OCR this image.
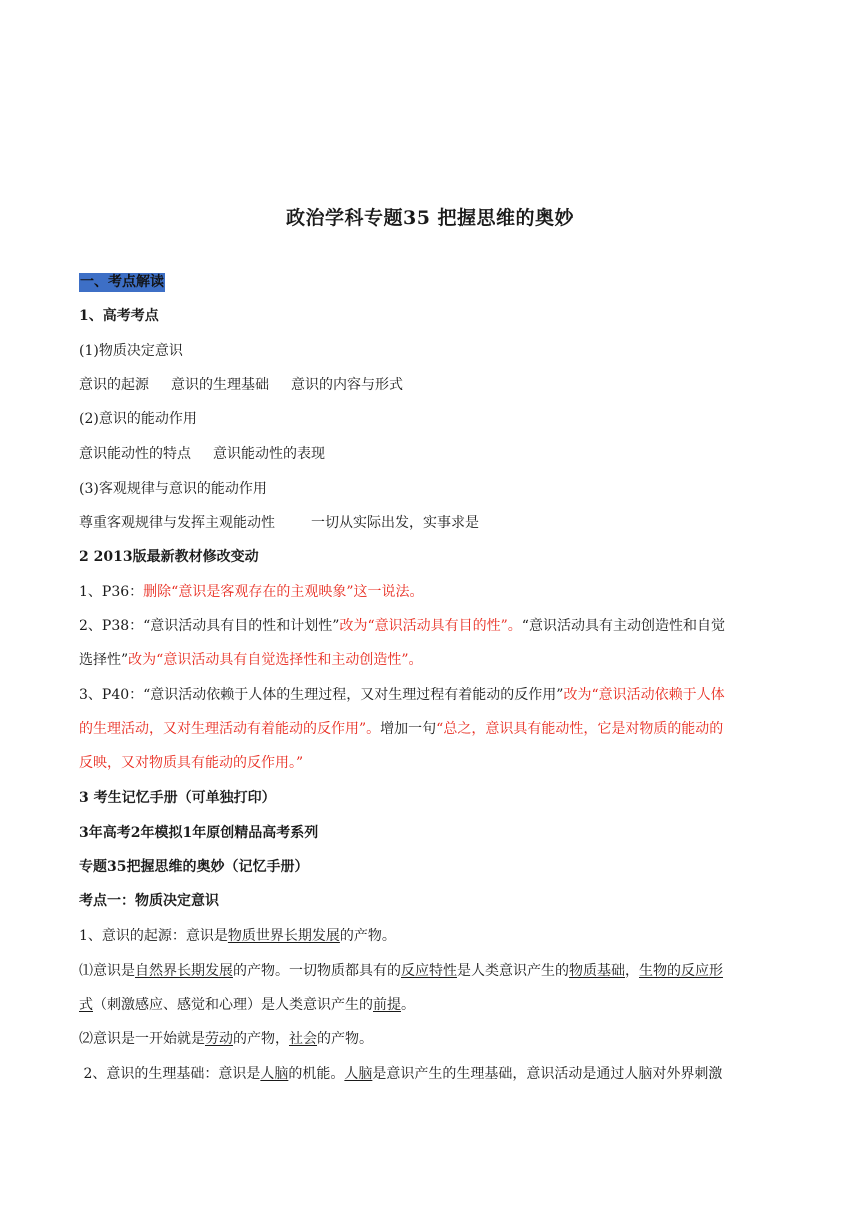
政治学科专题35 把握思维的奥妙
一、考点解读
1、高考考点
(1)物质决定意识
意识的起源 意识的生理基础 意识的内容与形式
(2)意识的能动作用
意识能动性的特点 意识能动性的表现
(3)客观规律与意识的能动作用
尊重客观规律与发挥主观能动性	一切从实际出发，实事求是
2 2013版最新教材修改变动
1、P36：删除“意识是客观存在的主观映象”这一说法。
2、P38：“意识活动具有目的性和计划性”改为“意识活动具有目的性”。“意识活动具有主动创造性和自觉
选择性”改为“意识活动具有自觉选择性和主动创造性”。
3、P40：“意识活动依赖于人体的生理过程，又对生理过程有着能动的反作用”改为“意识活动依赖于人体
的生理活动，又对生理活动有着能动的反作用”。增加一句“总之，意识具有能动性，它是对物质的能动的
反映，又对物质具有能动的反作用。”
3 考生记忆手册（可单独打印）
3年高考2年模拟1年原创精品高考系列
专题35把握思维的奥妙（记忆手册）
考点一：物质决定意识
1、意识的起源：意识是物质世界长期发展的产物。
⑴意识是自然界长期发展的产物。一切物质都具有的反应特性是人类意识产生的物质基础，生物的反应形
式（刺激感应、感觉和心理）是人类意识产生的前提。
⑵意识是一开始就是劳动的产物，社会的产物。
2、意识的生理基础：意识是人脑的机能。人脑是意识产生的生理基础，意识活动是通过人脑对外界刺激
